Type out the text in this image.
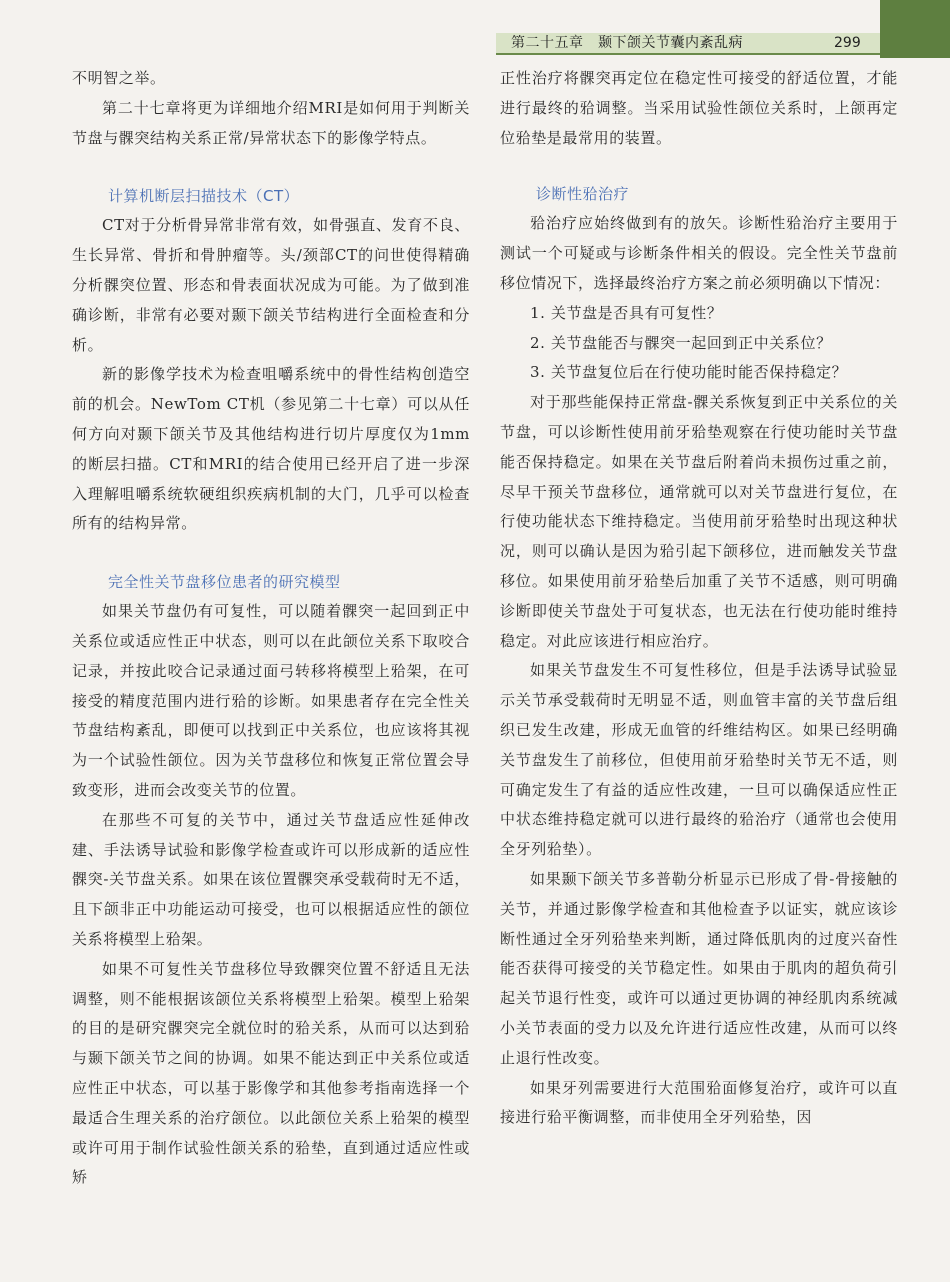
第二十五章　颞下颌关节囊内紊乱病	299

不明智之举。

第二十七章将更为详细地介绍MRI是如何用于判断关节盘与髁突结构关系正常/异常状态下的影像学特点。

计算机断层扫描技术（CT）

CT对于分析骨异常非常有效，如骨强直、发育不良、生长异常、骨折和骨肿瘤等。头/颈部CT的问世使得精确分析髁突位置、形态和骨表面状况成为可能。为了做到准确诊断，非常有必要对颞下颌关节结构进行全面检查和分析。

新的影像学技术为检查咀嚼系统中的骨性结构创造空前的机会。NewTom CT机（参见第二十七章）可以从任何方向对颞下颌关节及其他结构进行切片厚度仅为1mm的断层扫描。CT和MRI的结合使用已经开启了进一步深入理解咀嚼系统软硬组织疾病机制的大门，几乎可以检查所有的结构异常。

完全性关节盘移位患者的研究模型

如果关节盘仍有可复性，可以随着髁突一起回到正中关系位或适应性正中状态，则可以在此颌位关系下取咬合记录，并按此咬合记录通过面弓转移将模型上𬌗架，在可接受的精度范围内进行𬌗的诊断。如果患者存在完全性关节盘结构紊乱，即便可以找到正中关系位，也应该将其视为一个试验性颌位。因为关节盘移位和恢复正常位置会导致变形，进而会改变关节的位置。

在那些不可复的关节中，通过关节盘适应性延伸改建、手法诱导试验和影像学检查或许可以形成新的适应性髁突-关节盘关系。如果在该位置髁突承受载荷时无不适，且下颌非正中功能运动可接受，也可以根据适应性的颌位关系将模型上𬌗架。

如果不可复性关节盘移位导致髁突位置不舒适且无法调整，则不能根据该颌位关系将模型上𬌗架。模型上𬌗架的目的是研究髁突完全就位时的𬌗关系，从而可以达到𬌗与颞下颌关节之间的协调。如果不能达到正中关系位或适应性正中状态，可以基于影像学和其他参考指南选择一个最适合生理关系的治疗颌位。以此颌位关系上𬌗架的模型或许可用于制作试验性颌关系的𬌗垫，直到通过适应性或矫

正性治疗将髁突再定位在稳定性可接受的舒适位置，才能进行最终的𬌗调整。当采用试验性颌位关系时，上颌再定位𬌗垫是最常用的装置。

诊断性𬌗治疗

𬌗治疗应始终做到有的放矢。诊断性𬌗治疗主要用于测试一个可疑或与诊断条件相关的假设。完全性关节盘前移位情况下，选择最终治疗方案之前必须明确以下情况：

1. 关节盘是否具有可复性？

2. 关节盘能否与髁突一起回到正中关系位？

3. 关节盘复位后在行使功能时能否保持稳定？

对于那些能保持正常盘-髁关系恢复到正中关系位的关节盘，可以诊断性使用前牙𬌗垫观察在行使功能时关节盘能否保持稳定。如果在关节盘后附着尚未损伤过重之前，尽早干预关节盘移位，通常就可以对关节盘进行复位，在行使功能状态下维持稳定。当使用前牙𬌗垫时出现这种状况，则可以确认是因为𬌗引起下颌移位，进而触发关节盘移位。如果使用前牙𬌗垫后加重了关节不适感，则可明确诊断即使关节盘处于可复状态，也无法在行使功能时维持稳定。对此应该进行相应治疗。

如果关节盘发生不可复性移位，但是手法诱导试验显示关节承受载荷时无明显不适，则血管丰富的关节盘后组织已发生改建，形成无血管的纤维结构区。如果已经明确关节盘发生了前移位，但使用前牙𬌗垫时关节无不适，则可确定发生了有益的适应性改建，一旦可以确保适应性正中状态维持稳定就可以进行最终的𬌗治疗（通常也会使用全牙列𬌗垫）。

如果颞下颌关节多普勒分析显示已形成了骨-骨接触的关节，并通过影像学检查和其他检查予以证实，就应该诊断性通过全牙列𬌗垫来判断，通过降低肌肉的过度兴奋性能否获得可接受的关节稳定性。如果由于肌肉的超负荷引起关节退行性变，或许可以通过更协调的神经肌肉系统减小关节表面的受力以及允许进行适应性改建，从而可以终止退行性改变。

如果牙列需要进行大范围𬌗面修复治疗，或许可以直接进行𬌗平衡调整，而非使用全牙列𬌗垫，因
